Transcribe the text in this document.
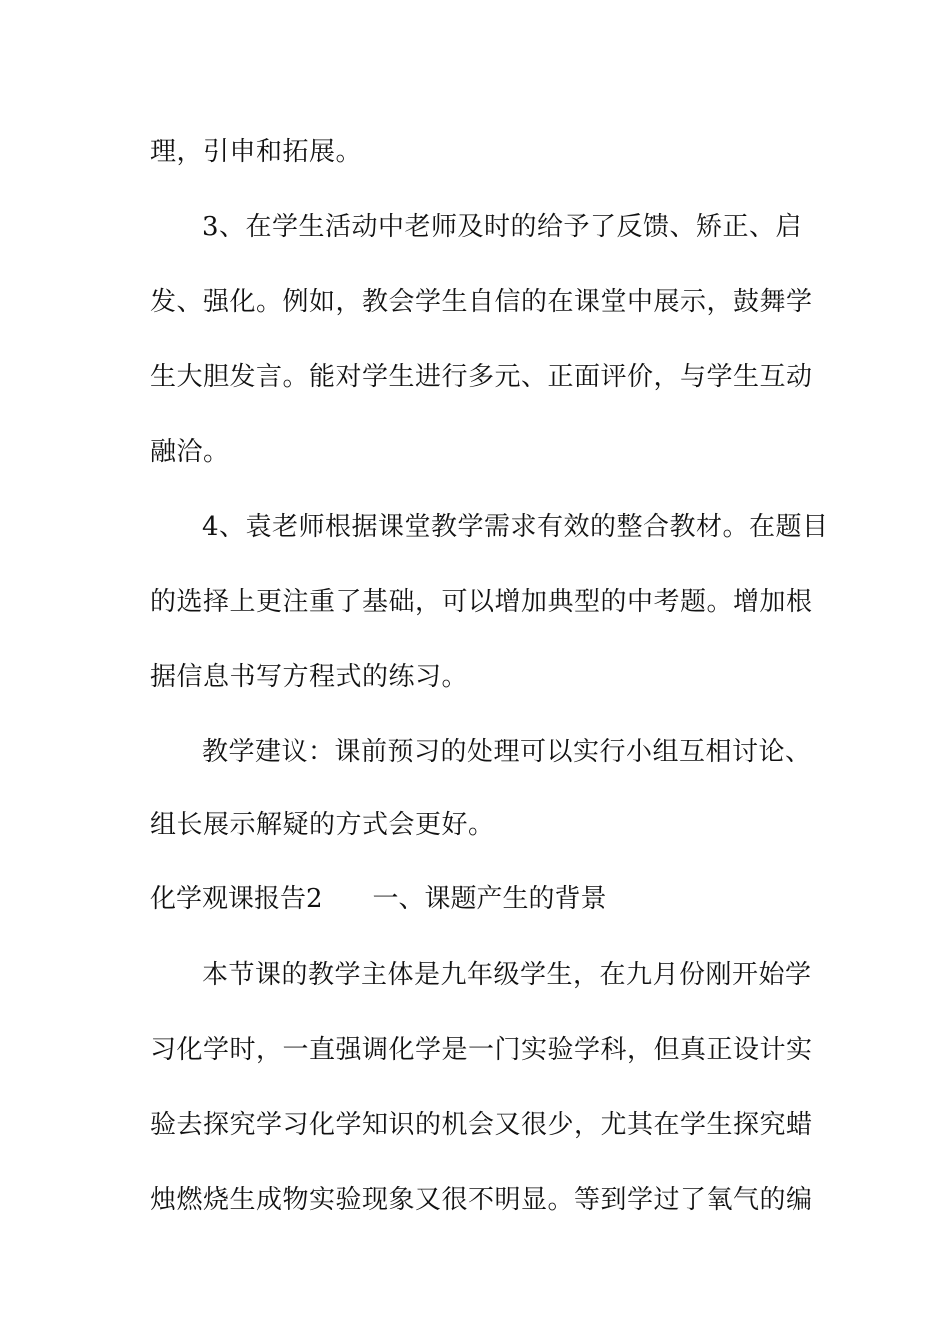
理，引申和拓展。
3、在学生活动中老师及时的给予了反馈、矫正、启
发、强化。例如，教会学生自信的在课堂中展示，鼓舞学
生大胆发言。能对学生进行多元、正面评价，与学生互动
融洽。
4、袁老师根据课堂教学需求有效的整合教材。在题目
的选择上更注重了基础，可以增加典型的中考题。增加根
据信息书写方程式的练习。
教学建议：课前预习的处理可以实行小组互相讨论、
组长展示解疑的方式会更好。
化学观课报告2 一、课题产生的背景
本节课的教学主体是九年级学生，在九月份刚开始学
习化学时，一直强调化学是一门实验学科，但真正设计实
验去探究学习化学知识的机会又很少，尤其在学生探究蜡
烛燃烧生成物实验现象又很不明显。等到学过了氧气的编
